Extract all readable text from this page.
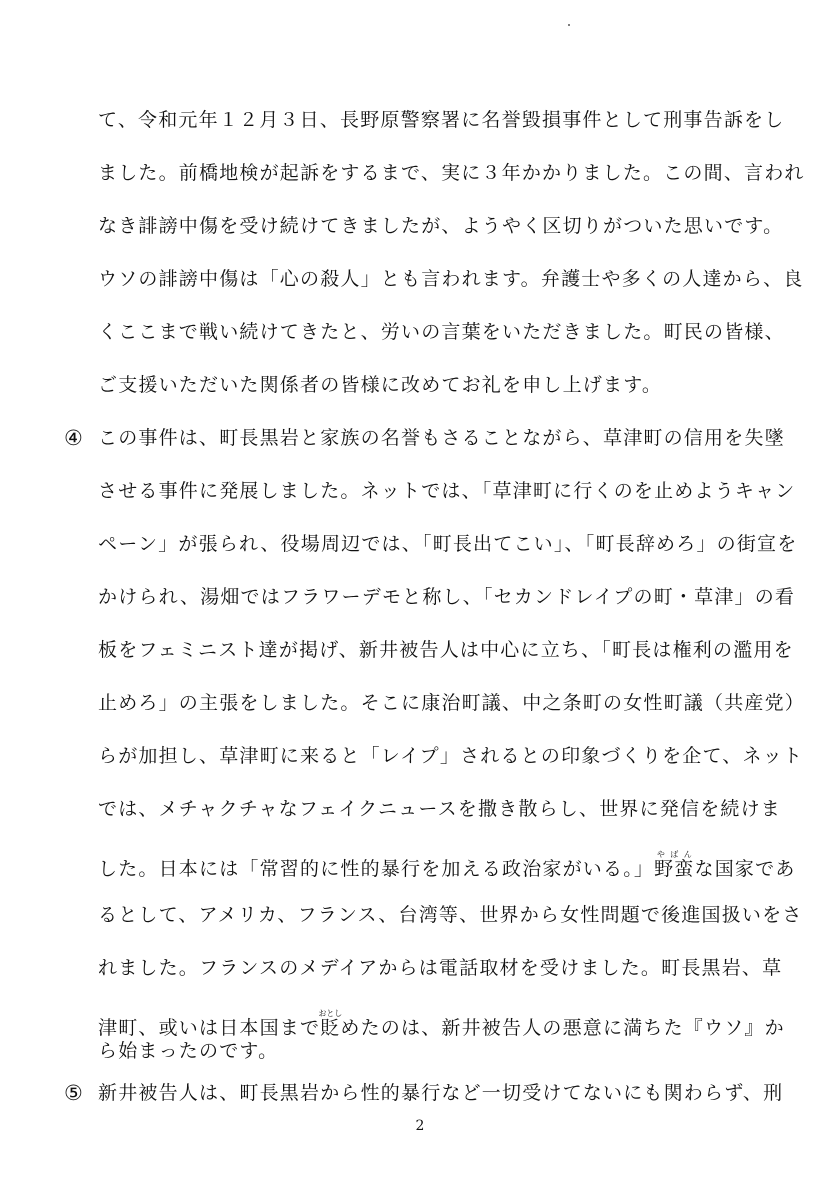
て、令和元年１２月３日、長野原警察署に名誉毀損事件として刑事告訴をし
ました。前橋地検が起訴をするまで、実に３年かかりました。この間、言われ
なき誹謗中傷を受け続けてきましたが、ようやく区切りがついた思いです。
ウソの誹謗中傷は「心の殺人」とも言われます。弁護士や多くの人達から、良
くここまで戦い続けてきたと、労いの言葉をいただきました。町民の皆様、
ご支援いただいた関係者の皆様に改めてお礼を申し上げます。
④ この事件は、町長黒岩と家族の名誉もさることながら、草津町の信用を失墜
させる事件に発展しました。ネットでは、「草津町に行くのを止めようキャン
ペーン」が張られ、役場周辺では、「町長出てこい」、「町長辞めろ」の街宣を
かけられ、湯畑ではフラワーデモと称し、「セカンドレイプの町・草津」の看
板をフェミニスト達が掲げ、新井被告人は中心に立ち、「町長は権利の濫用を
止めろ」の主張をしました。そこに康治町議、中之条町の女性町議（共産党）
らが加担し、草津町に来ると「レイプ」されるとの印象づくりを企て、ネット
では、メチャクチャなフェイクニュースを撒き散らし、世界に発信を続けま
した。日本には「常習的に性的暴行を加える政治家がいる。」野蛮やばんな国家であ
るとして、アメリカ、フランス、台湾等、世界から女性問題で後進国扱いをさ
れました。フランスのメデイアからは電話取材を受けました。町長黒岩、草
津町、或いは日本国まで貶おとしめたのは、新井被告人の悪意に満ちた『ウソ』か
ら始まったのです。
⑤ 新井被告人は、町長黒岩から性的暴行など一切受けてないにも関わらず、刑
2
